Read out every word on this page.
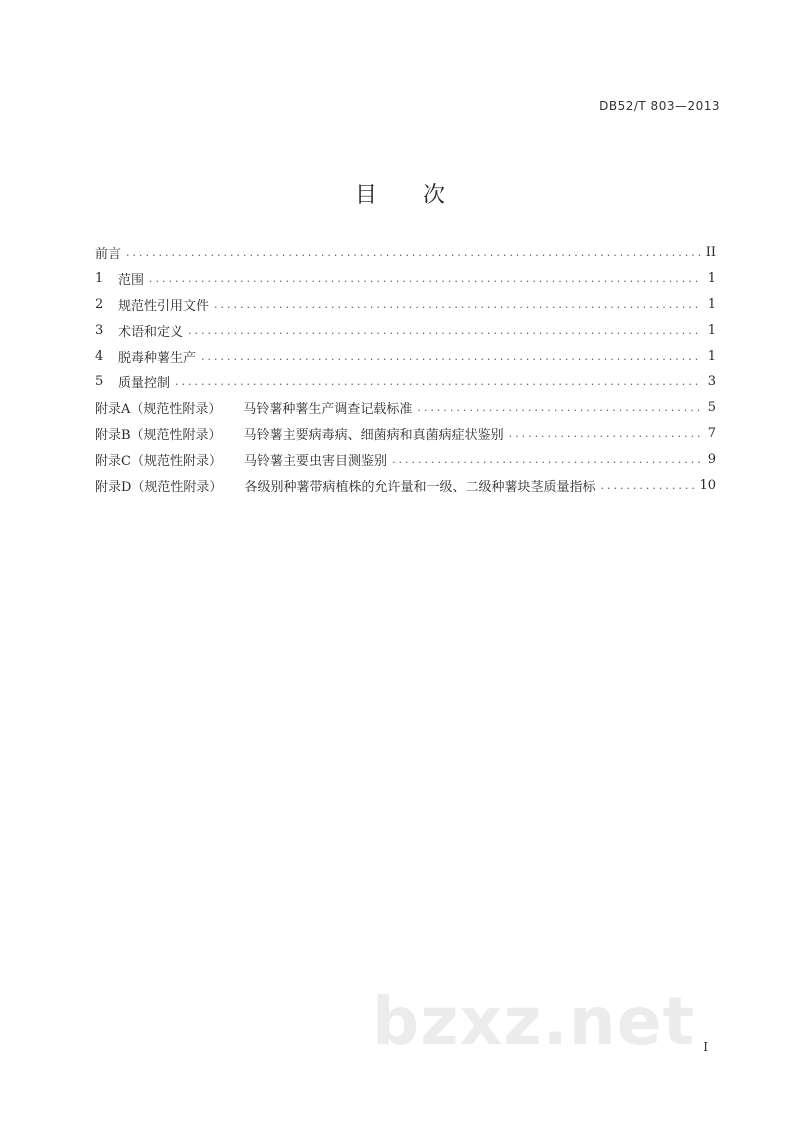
DB52/T 803—2013
目次
前言 .....	II
1	范围 .....	1
2	规范性引用文件 .....	1
3	术语和定义 .....	1
4	脱毒种薯生产 .....	1
5	质量控制 .....	3
附录A（规范性附录） 马铃薯种薯生产调查记载标准 .....	5
附录B（规范性附录） 马铃薯主要病毒病、细菌病和真菌病症状鉴别 .....	7
附录C（规范性附录） 马铃薯主要虫害目测鉴别 .....	9
附录D（规范性附录） 各级别种薯带病植株的允许量和一级、二级种薯块茎质量指标 .....	10
bzxz.net I
